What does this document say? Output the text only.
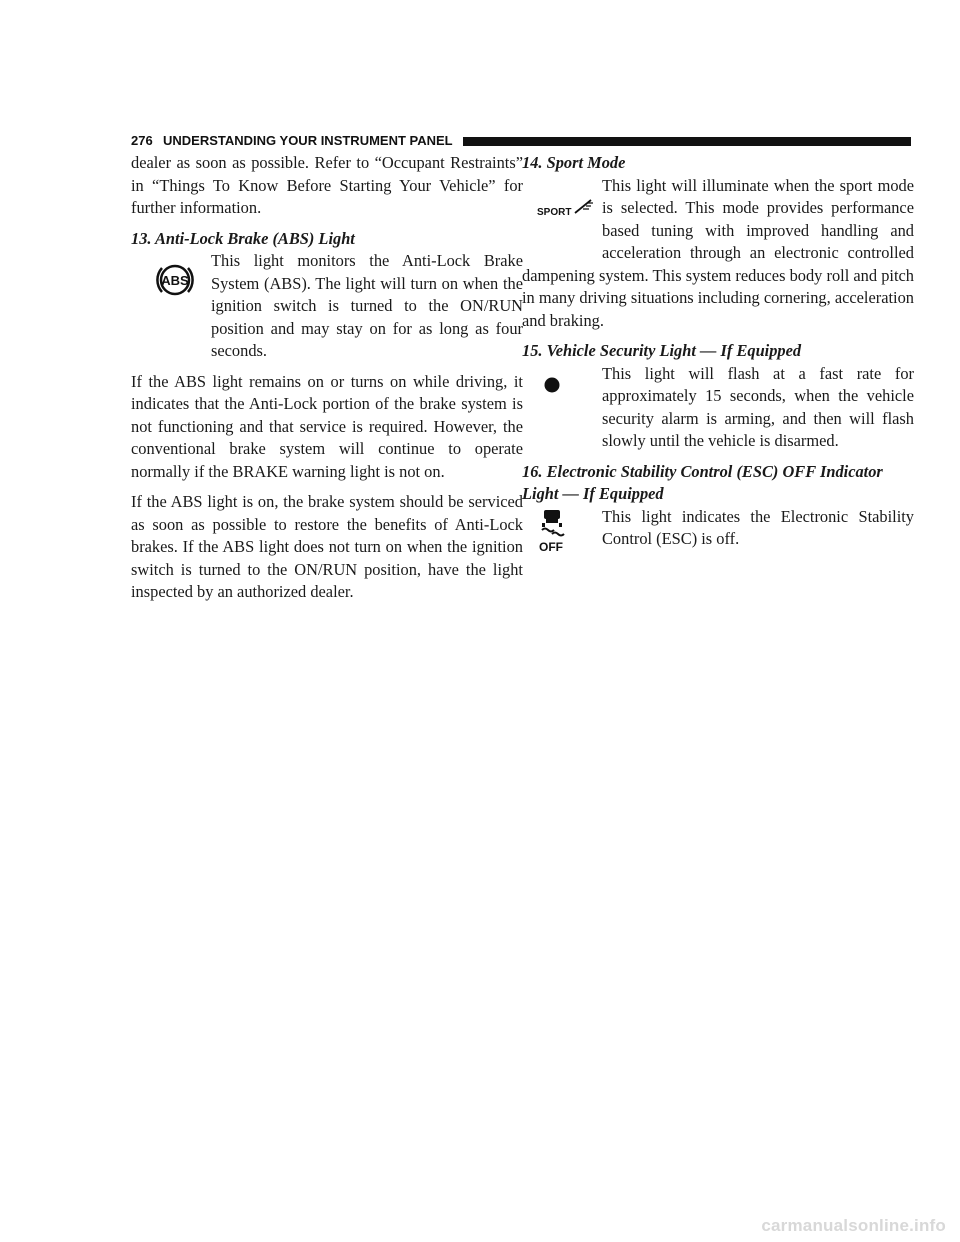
276 UNDERSTANDING YOUR INSTRUMENT PANEL

dealer as soon as possible. Refer to “Occupant Restraints” in “Things To Know Before Starting Your Vehicle” for further information.

13. Anti-Lock Brake (ABS) Light

ABS

This light monitors the Anti-Lock Brake System (ABS). The light will turn on when the ignition switch is turned to the ON/RUN position and may stay on for as long as four seconds.

If the ABS light remains on or turns on while driving, it indicates that the Anti-Lock portion of the brake system is not functioning and that service is required. However, the conventional brake system will continue to operate normally if the BRAKE warning light is not on.

If the ABS light is on, the brake system should be serviced as soon as possible to restore the benefits of Anti-Lock brakes. If the ABS light does not turn on when the ignition switch is turned to the ON/RUN position, have the light inspected by an authorized dealer.

14. Sport Mode

SPORT

This light will illuminate when the sport mode is selected. This mode provides performance based tuning with improved handling and acceleration through an electronic controlled dampening system. This system reduces body roll and pitch in many driving situations including cornering, acceleration and braking.

15. Vehicle Security Light — If Equipped

This light will flash at a fast rate for approximately 15 seconds, when the vehicle security alarm is arming, and then will flash slowly until the vehicle is disarmed.

16. Electronic Stability Control (ESC) OFF Indicator Light — If Equipped

OFF

This light indicates the Electronic Stability Control (ESC) is off.

carmanualsonline.info
